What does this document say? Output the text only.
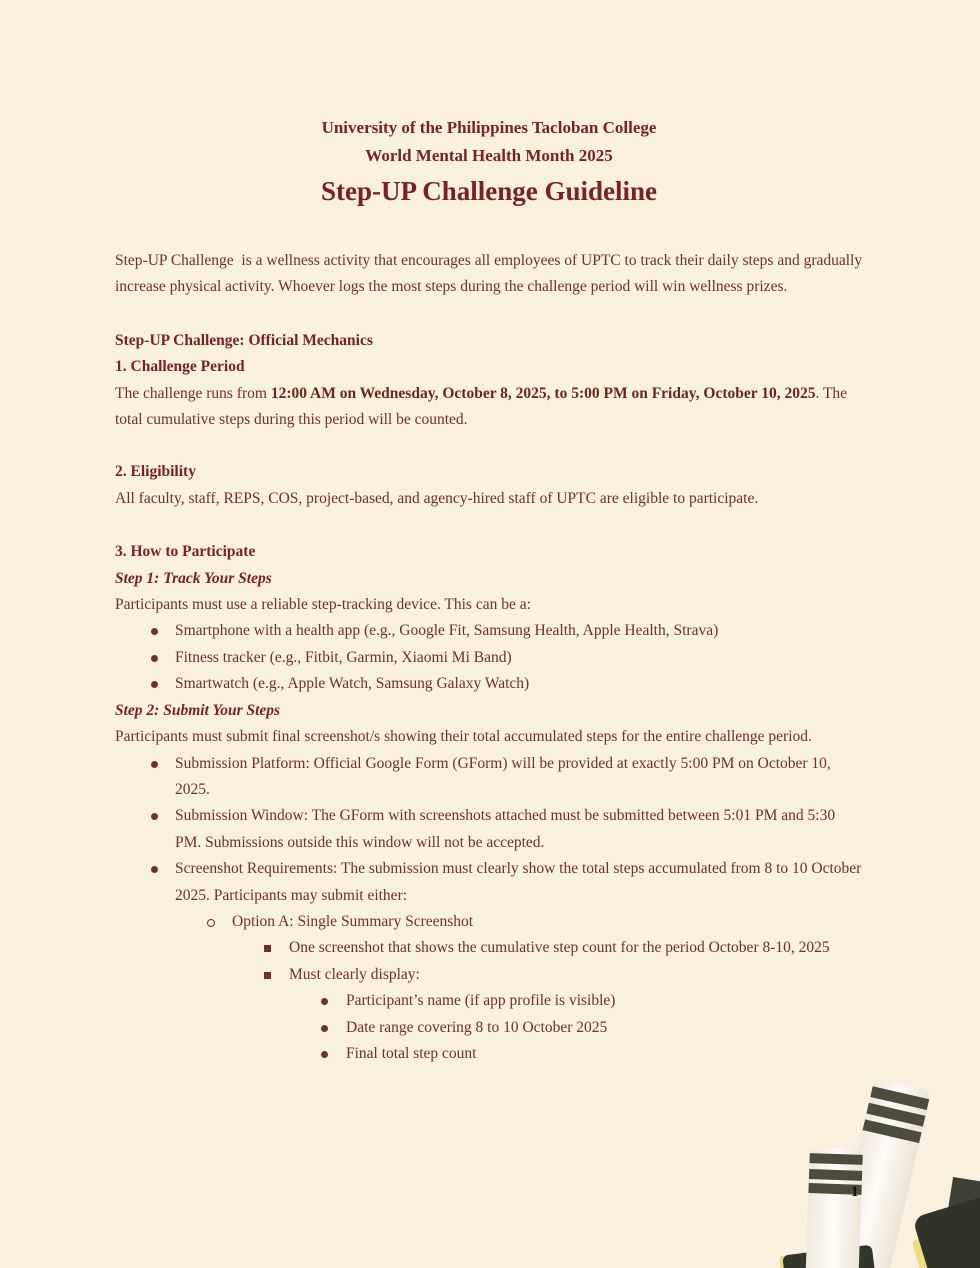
University of the Philippines Tacloban College
World Mental Health Month 2025
Step-UP Challenge Guideline

Step-UP Challenge  is a wellness activity that encourages all employees of UPTC to track their daily steps and gradually increase physical activity. Whoever logs the most steps during the challenge period will win wellness prizes.

Step-UP Challenge: Official Mechanics

1. Challenge Period

The challenge runs from 12:00 AM on Wednesday, October 8, 2025, to 5:00 PM on Friday, October 10, 2025. The total cumulative steps during this period will be counted.

2. Eligibility

All faculty, staff, REPS, COS, project-based, and agency-hired staff of UPTC are eligible to participate.

3. How to Participate

Step 1: Track Your Steps

Participants must use a reliable step-tracking device. This can be a:

Smartphone with a health app (e.g., Google Fit, Samsung Health, Apple Health, Strava)
Fitness tracker (e.g., Fitbit, Garmin, Xiaomi Mi Band)
Smartwatch (e.g., Apple Watch, Samsung Galaxy Watch)

Step 2: Submit Your Steps

Participants must submit final screenshot/s showing their total accumulated steps for the entire challenge period.

Submission Platform: Official Google Form (GForm) will be provided at exactly 5:00 PM on October 10, 2025.
Submission Window: The GForm with screenshots attached must be submitted between 5:01 PM and 5:30 PM. Submissions outside this window will not be accepted.
Screenshot Requirements: The submission must clearly show the total steps accumulated from 8 to 10 October 2025. Participants may submit either:
Option A: Single Summary Screenshot
One screenshot that shows the cumulative step count for the period October 8-10, 2025
Must clearly display:
Participant’s name (if app profile is visible)
Date range covering 8 to 10 October 2025
Final total step count
1
